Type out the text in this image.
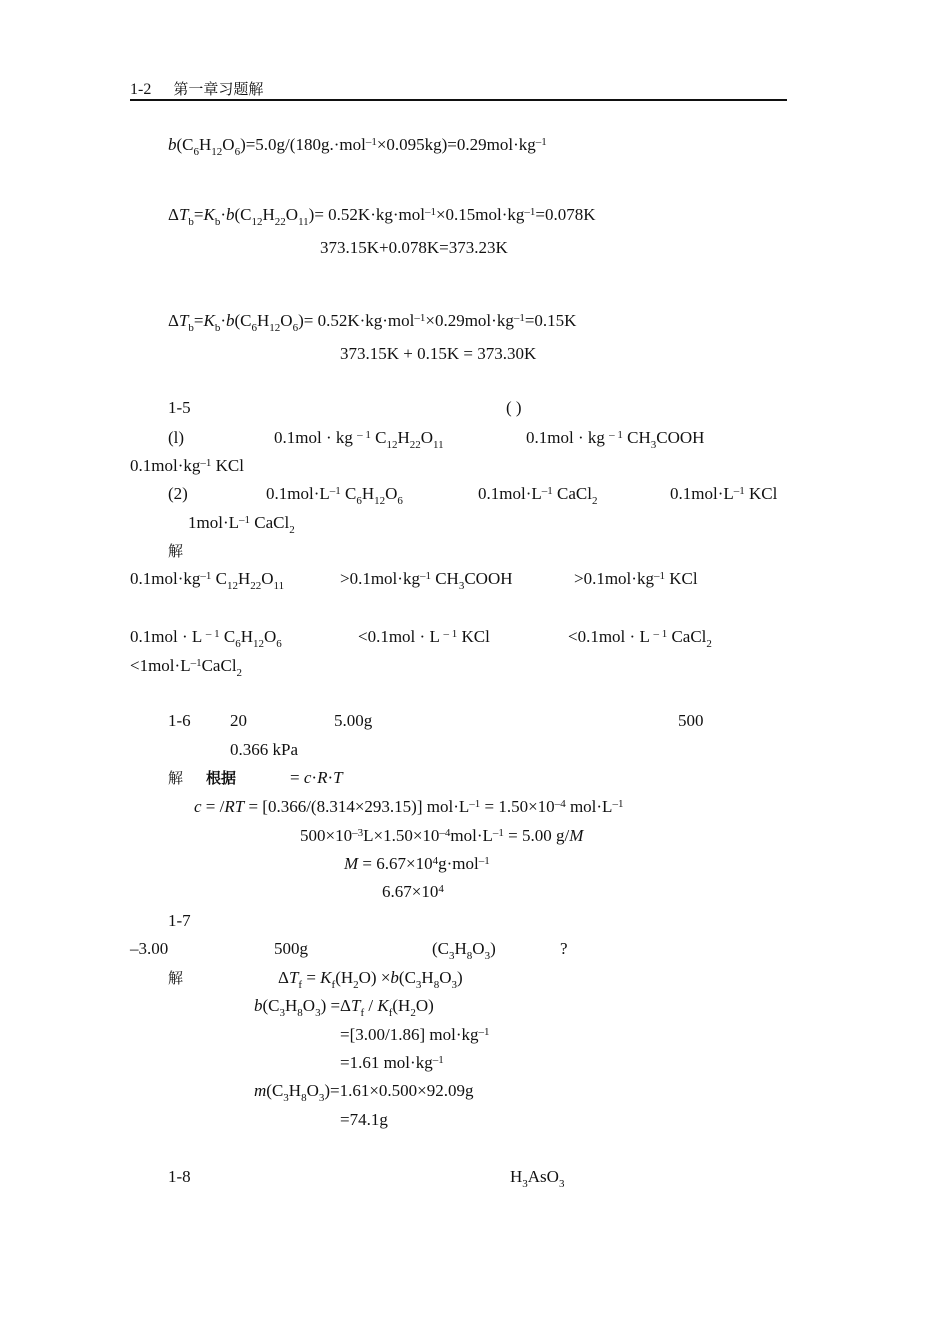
1-2 第一章习题解
$b(C_6H_{12}O_6)=5.0g/(180g.\cdot mol^{-1}\times 0.095kg)=0.29mol\cdot kg^{-1}$
$\Delta T_b=K_b\cdot b(C_{12}H_{22}O_{11})= 0.52K\cdot kg\cdot mol^{-1}\times 0.15mol\cdot kg^{-1}=0.078K$
373.15K+0.078K=373.23K
$\Delta T_b=K_b\cdot b(C_6H_{12}O_6)= 0.52K\cdot kg\cdot mol^{-1}\times 0.29mol\cdot kg^{-1}=0.15K$
373.15K + 0.15K = 373.30K
1-5	( )
(l)	0.1mol · kg $^{- 1}$ $C_{12}H_{22}O_{11}$	0.1mol · kg $^{- 1}$ $CH_3COOH$
$0.1mol\cdot kg^{-1}$ KCl
(2)	$0.1mol\cdot L^{-1}$ $C_6H_{12}O_6$	$0.1mol\cdot L^{-1}$ CaCl$_2$	$0.1mol\cdot L^{-1}$ KCl
$1mol\cdot L^{-1}$ CaCl$_2$
解
$0.1mol\cdot kg^{-1}$ $C_{12}H_{22}O_{11}$	$>0.1mol\cdot kg^{-1}$ $CH_3COOH$	$>0.1mol\cdot kg^{-1}$ KCl
0.1mol · L $^{- 1}$ $C_6H_{12}O_6$	<0.1mol · L $^{- 1}$ KCl	<0.1mol · L $^{- 1}$ CaCl$_2$
$<1mol\cdot L^{-1}CaCl_2$
1-6 20	5.00g	500
0.366 kPa
解 根据	= c·R·T
c = /RT = [0.366/(8.314×293.15)] $mol\cdot L^{-1} = 1.50\times 10^{-4}$ $mol\cdot L^{-1}$
$500\times 10^{-3}L\times 1.50\times 10^{-4}mol\cdot L^{-1} = 5.00$ g/M
$M = 6.67\times 10^4g\cdot mol^{-1}$
$6.67\times 10^4$
1-7
–3.00	500g	$(C_3H_8O_3)$	?
解	$\Delta T_f = K_f(H_2O) \times b(C_3H_8O_3)$
$b(C_3H_8O_3) =\Delta T_f / K_f(H_2O)$
=[3.00/1.86] $mol\cdot kg^{-1}$
=1.61 $mol\cdot kg^{-1}$
$m(C_3H_8O_3)=1.61\times 0.500\times 92.09g$
=74.1g
1-8	$H_3AsO_3$
